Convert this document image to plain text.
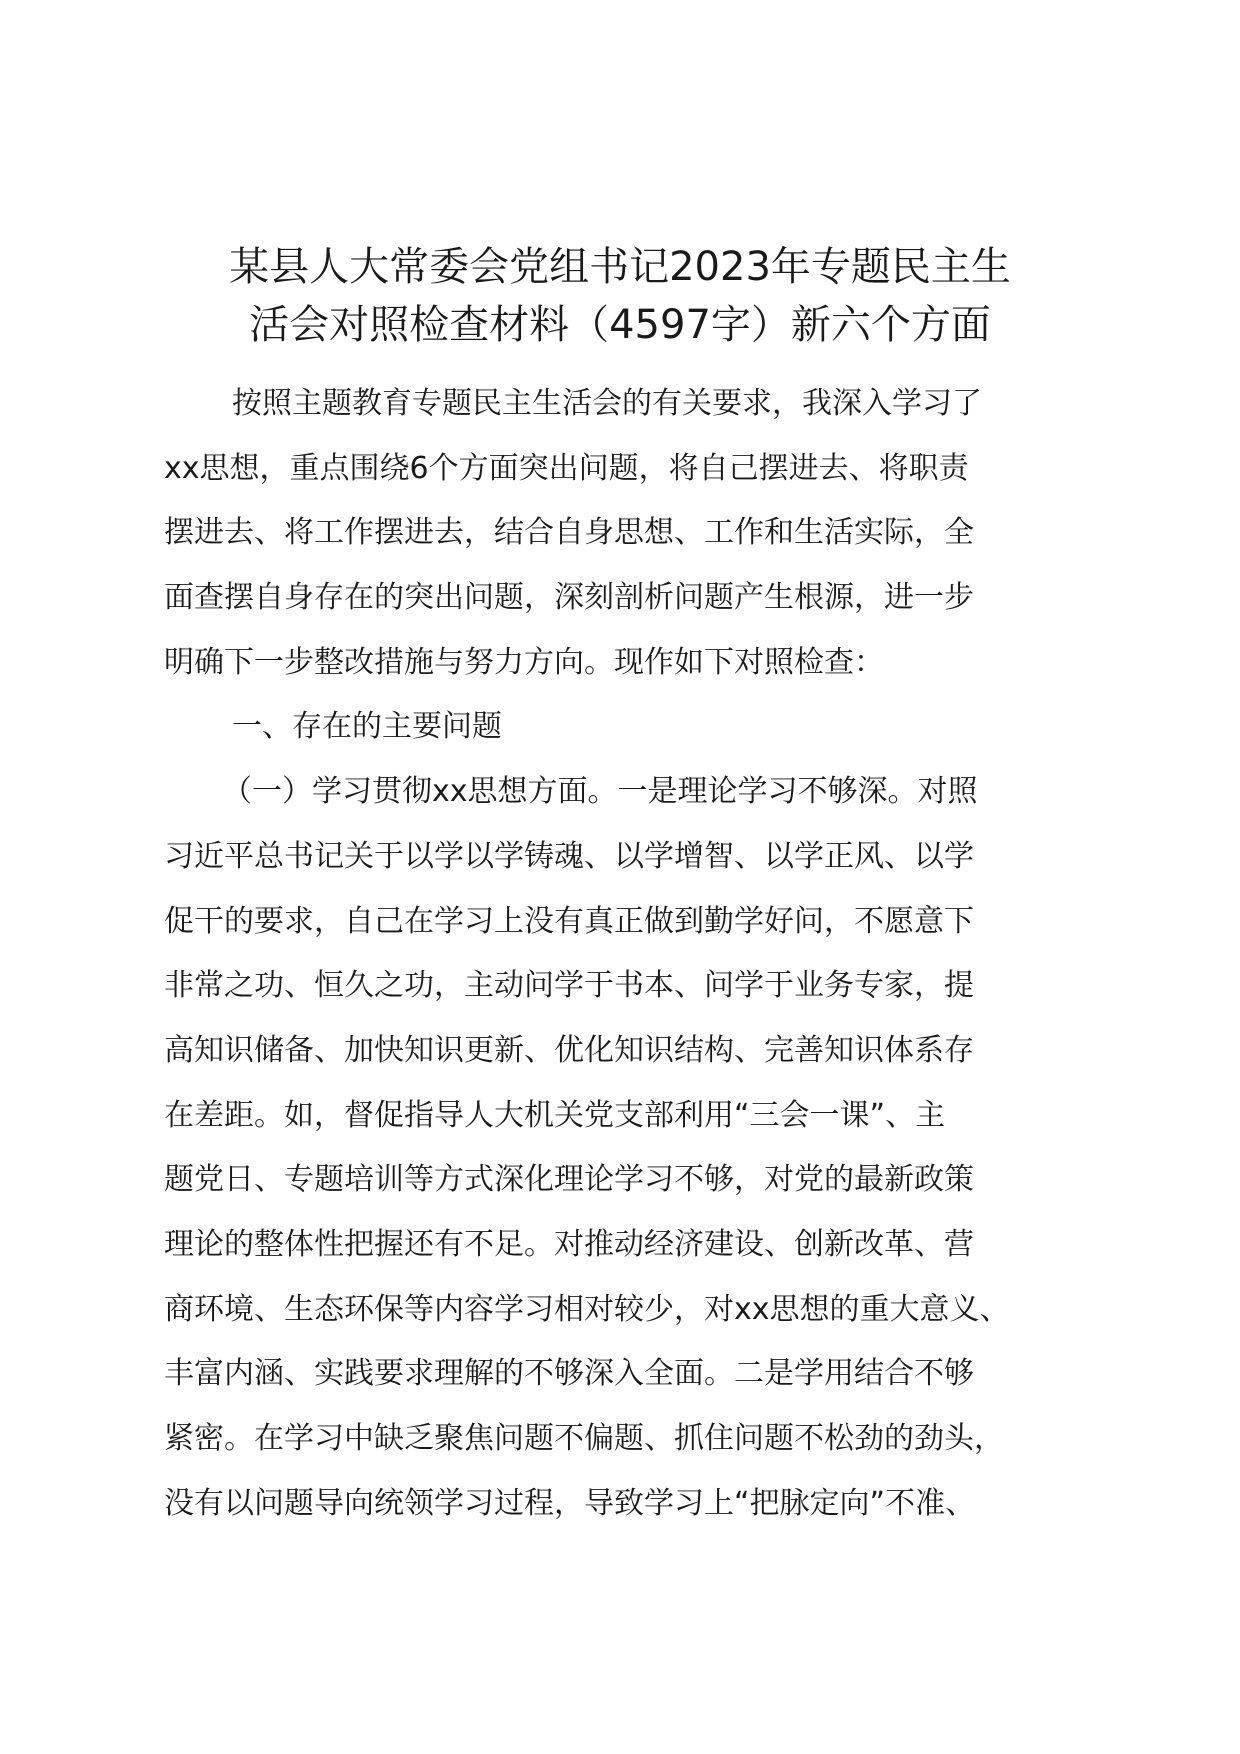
某县人大常委会党组书记2023年专题民主生
活会对照检查材料（4597字）新六个方面
按照主题教育专题民主生活会的有关要求，我深入学习了
xx思想，重点围绕6个方面突出问题，将自己摆进去、将职责
摆进去、将工作摆进去，结合自身思想、工作和生活实际，全
面查摆自身存在的突出问题，深刻剖析问题产生根源，进一步
明确下一步整改措施与努力方向。现作如下对照检查：
一、存在的主要问题
（一）学习贯彻xx思想方面。一是理论学习不够深。对照
习近平总书记关于以学以学铸魂、以学增智、以学正风、以学
促干的要求，自己在学习上没有真正做到勤学好问，不愿意下
非常之功、恒久之功，主动问学于书本、问学于业务专家，提
高知识储备、加快知识更新、优化知识结构、完善知识体系存
在差距。如，督促指导人大机关党支部利用“三会一课”、主
题党日、专题培训等方式深化理论学习不够，对党的最新政策
理论的整体性把握还有不足。对推动经济建设、创新改革、营
商环境、生态环保等内容学习相对较少，对xx思想的重大意义、
丰富内涵、实践要求理解的不够深入全面。二是学用结合不够
紧密。在学习中缺乏聚焦问题不偏题、抓住问题不松劲的劲头，
没有以问题导向统领学习过程，导致学习上“把脉定向”不准、
